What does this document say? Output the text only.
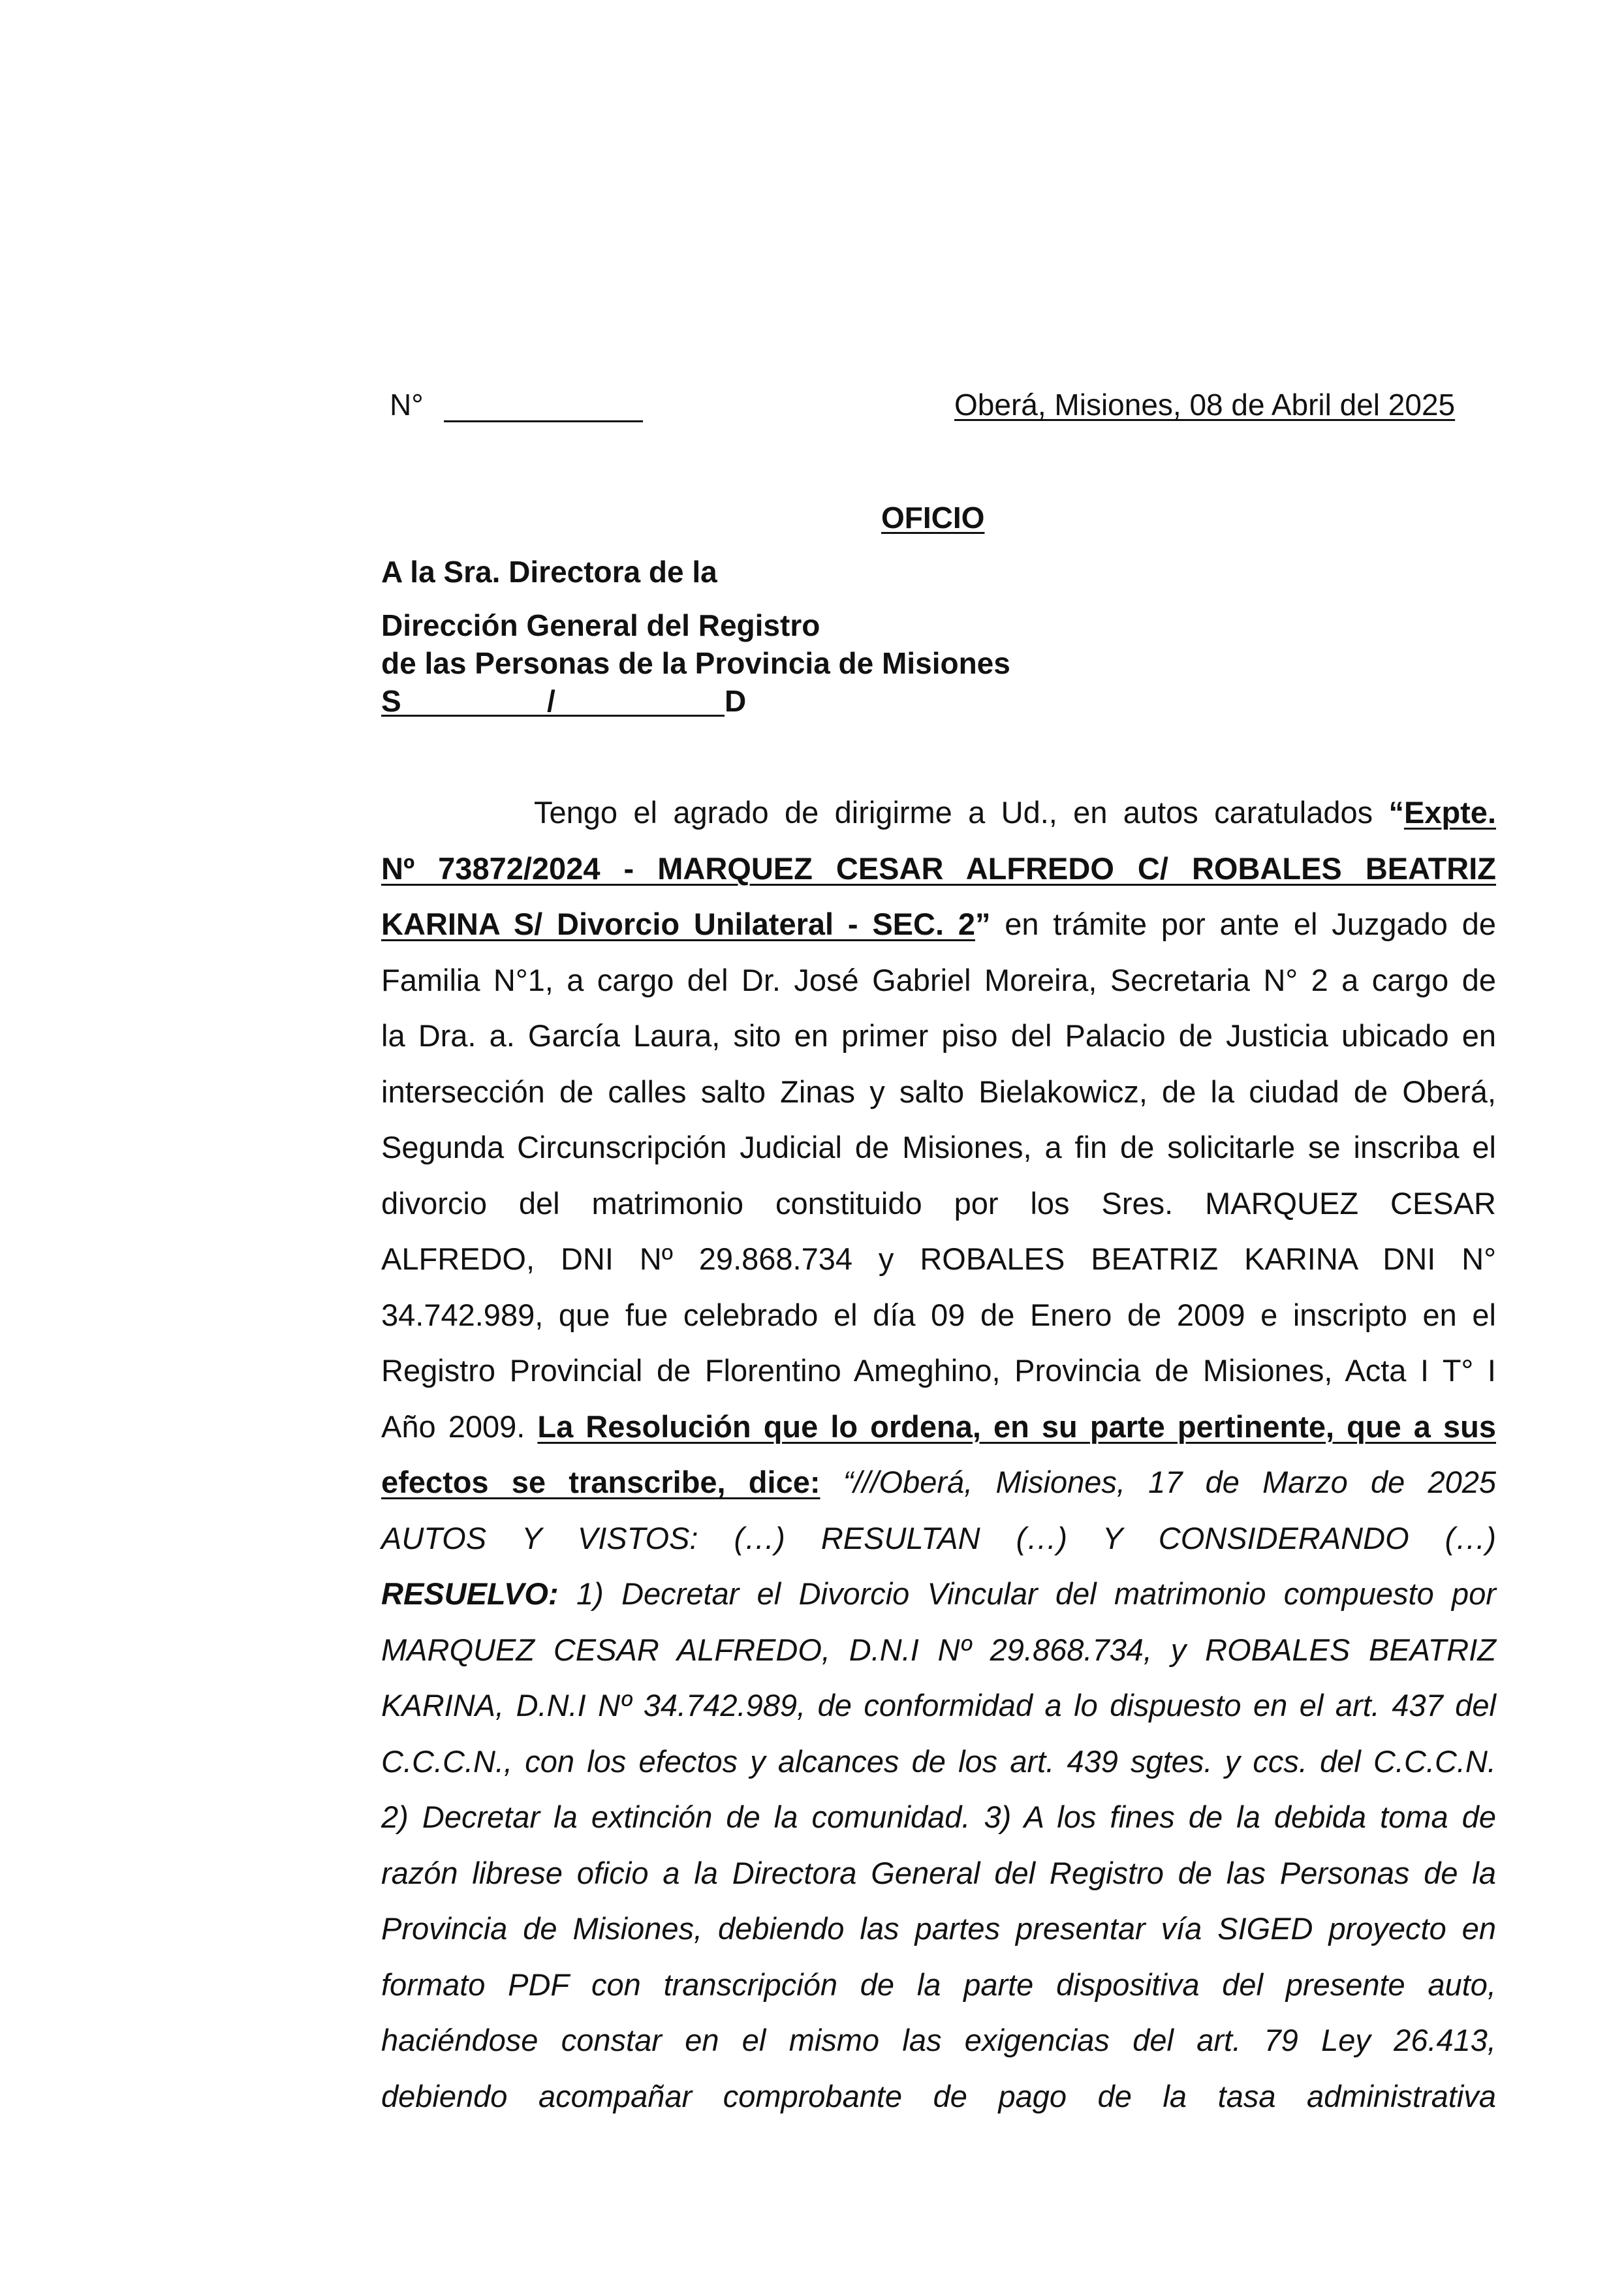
N°	Oberá, Misiones, 08 de Abril del 2025
OFICIO
A la Sra. Directora de la
Dirección General del Registro
de las Personas de la Provincia de Misiones
S	/	D
Tengo el agrado de dirigirme a Ud., en autos caratulados “Expte.
Nº 73872/2024 - MARQUEZ CESAR ALFREDO C/ ROBALES BEATRIZ
KARINA S/ Divorcio Unilateral - SEC. 2” en trámite por ante el Juzgado de
Familia N°1, a cargo del Dr. José Gabriel Moreira, Secretaria N° 2 a cargo de
la Dra. a. García Laura, sito en primer piso del Palacio de Justicia ubicado en
intersección de calles salto Zinas y salto Bielakowicz, de la ciudad de Oberá,
Segunda Circunscripción Judicial de Misiones, a fin de solicitarle se inscriba el
divorcio del matrimonio constituido por los Sres. MARQUEZ CESAR
ALFREDO, DNI Nº 29.868.734 y ROBALES BEATRIZ KARINA DNI N°
34.742.989, que fue celebrado el día 09 de Enero de 2009 e inscripto en el
Registro Provincial de Florentino Ameghino, Provincia de Misiones, Acta I T° I
Año 2009. La Resolución que lo ordena, en su parte pertinente, que a sus
efectos se transcribe, dice: “///Oberá, Misiones, 17 de Marzo de 2025
AUTOS Y VISTOS: (…) RESULTAN (…) Y CONSIDERANDO (…)
RESUELVO: 1) Decretar el Divorcio Vincular del matrimonio compuesto por
MARQUEZ CESAR ALFREDO, D.N.I Nº 29.868.734, y ROBALES BEATRIZ
KARINA, D.N.I Nº 34.742.989, de conformidad a lo dispuesto en el art. 437 del
C.C.C.N., con los efectos y alcances de los art. 439 sgtes. y ccs. del C.C.C.N.
2) Decretar la extinción de la comunidad. 3) A los fines de la debida toma de
razón librese oficio a la Directora General del Registro de las Personas de la
Provincia de Misiones, debiendo las partes presentar vía SIGED proyecto en
formato PDF con transcripción de la parte dispositiva del presente auto,
haciéndose constar en el mismo las exigencias del art. 79 Ley 26.413,
debiendo acompañar comprobante de pago de la tasa administrativa
